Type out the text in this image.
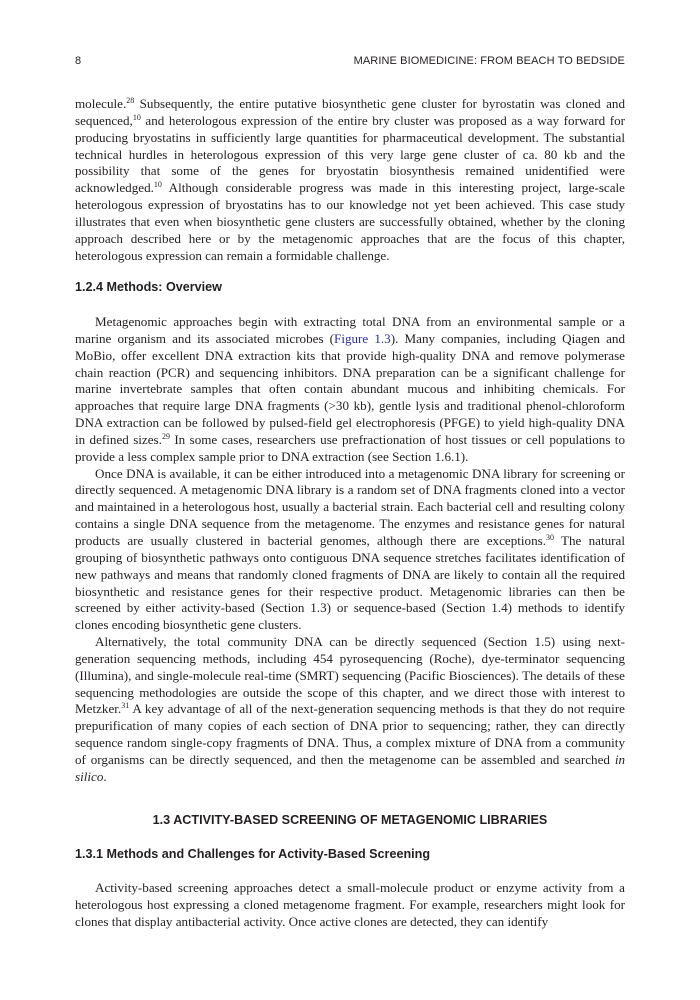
8	MARINE BIOMEDICINE: FROM BEACH TO BEDSIDE

molecule.$^{28}$ Subsequently, the entire putative biosynthetic gene cluster for byrostatin was cloned and sequenced,$^{10}$ and heterologous expression of the entire bry cluster was proposed as a way forward for producing bryostatins in sufficiently large quantities for pharmaceutical development. The substantial technical hurdles in heterologous expression of this very large gene cluster of ca. 80 kb and the possibility that some of the genes for bryostatin biosynthesis remained unidentified were acknowledged.$^{10}$ Although considerable progress was made in this interesting project, large-scale heterologous expression of bryostatins has to our knowledge not yet been achieved. This case study illustrates that even when biosynthetic gene clusters are successfully obtained, whether by the cloning approach described here or by the metagenomic approaches that are the focus of this chapter, heterologous expression can remain a formidable challenge.

1.2.4 Methods: Overview

Metagenomic approaches begin with extracting total DNA from an environmental sample or a marine organism and its associated microbes (Figure 1.3). Many companies, including Qiagen and MoBio, offer excellent DNA extraction kits that provide high-quality DNA and remove polymerase chain reaction (PCR) and sequencing inhibitors. DNA preparation can be a significant challenge for marine invertebrate samples that often contain abundant mucous and inhibiting chemicals. For approaches that require large DNA fragments (>30 kb), gentle lysis and traditional phenol-chloroform DNA extraction can be followed by pulsed-field gel electrophoresis (PFGE) to yield high-quality DNA in defined sizes.$^{29}$ In some cases, researchers use prefractionation of host tissues or cell populations to provide a less complex sample prior to DNA extraction (see Section 1.6.1).

Once DNA is available, it can be either introduced into a metagenomic DNA library for screening or directly sequenced. A metagenomic DNA library is a random set of DNA fragments cloned into a vector and maintained in a heterologous host, usually a bacterial strain. Each bacterial cell and resulting colony contains a single DNA sequence from the metagenome. The enzymes and resistance genes for natural products are usually clustered in bacterial genomes, although there are exceptions.$^{30}$ The natural grouping of biosynthetic pathways onto contiguous DNA sequence stretches facilitates identification of new pathways and means that randomly cloned fragments of DNA are likely to contain all the required biosynthetic and resistance genes for their respective product. Metagenomic libraries can then be screened by either activity-based (Section 1.3) or sequence-based (Section 1.4) methods to identify clones encoding biosynthetic gene clusters.

Alternatively, the total community DNA can be directly sequenced (Section 1.5) using next-generation sequencing methods, including 454 pyrosequencing (Roche), dye-terminator sequencing (Illumina), and single-molecule real-time (SMRT) sequencing (Pacific Biosciences). The details of these sequencing methodologies are outside the scope of this chapter, and we direct those with interest to Metzker.$^{31}$ A key advantage of all of the next-generation sequencing methods is that they do not require prepurification of many copies of each section of DNA prior to sequencing; rather, they can directly sequence random single-copy fragments of DNA. Thus, a complex mixture of DNA from a community of organisms can be directly sequenced, and then the metagenome can be assembled and searched in silico.

1.3 ACTIVITY-BASED SCREENING OF METAGENOMIC LIBRARIES
1.3.1 Methods and Challenges for Activity-Based Screening

Activity-based screening approaches detect a small-molecule product or enzyme activity from a heterologous host expressing a cloned metagenome fragment. For example, researchers might look for clones that display antibacterial activity. Once active clones are detected, they can identify
